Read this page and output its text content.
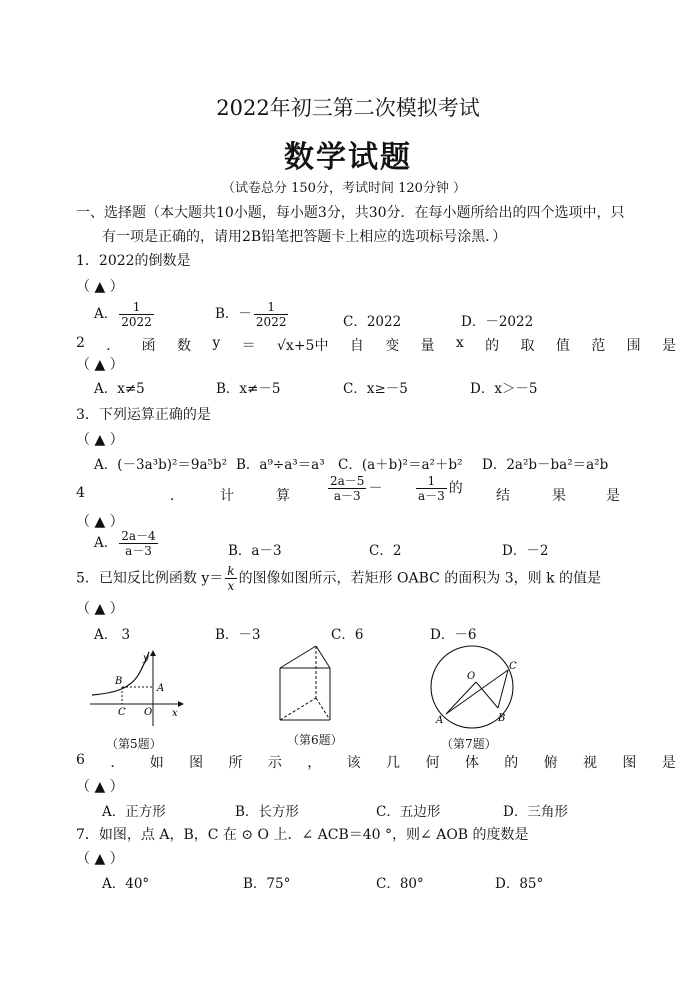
2022年初三第二次模拟考试
数学试题
（试卷总分 150分，考试时间 120分钟 ）
一、选择题（本大题共10小题，每小题3分，共30分．在每小题所给出的四个选项中，只
有一项是正确的，请用2B铅笔把答题卡上相应的选项标号涂黑．）
1．2022的倒数是
（ ▲ ）
A． $\frac{1}{2022}$	B．－ $\frac{1}{2022}$	C．2022	D．－2022
2 ． 函 数 y ＝ √x+5中 自 变 量 x 的 取 值 范 围 是
（ ▲ ）
A．x≠5	B．x≠－5	C．x≥－5	D．x＞－5
3．下列运算正确的是
（ ▲ ）
A．(－3a³b)²＝9a⁵b² B．a⁹÷a³＝a³ C．(a＋b)²＝a²＋b² D．2a²b－ba²＝a²b
4	．	计	算	$\frac{2a-5}{a-3}$ －	$\frac{1}{a-3}$ 的 结	果	是
（ ▲ ）
A． $\frac{2a-4}{a-3}$	B．a－3	C．2	D．－2
5．已知反比例函数 $y= \frac{k}{x}$ 的图像如图所示，若矩形 OABC 的面积为 3，则 k 的值是
（ ▲ ）
A． 3	B．－3	C．6	D．－6
y
B
A
C O x
（第5题）	（第6题）
O
C
A	B
（第7题）
6 ． 如 图 所 示 ， 该 几 何 体 的 俯 视 图 是
（ ▲ ）
A．正方形	B．长方形	C．五边形	D．三角形
7．如图，点 A，B，C 在 ⊙ O 上．∠ ACB＝40 °，则∠ AOB 的度数是
（ ▲ ）
A．40°	B．75°	C．80°	D．85°
